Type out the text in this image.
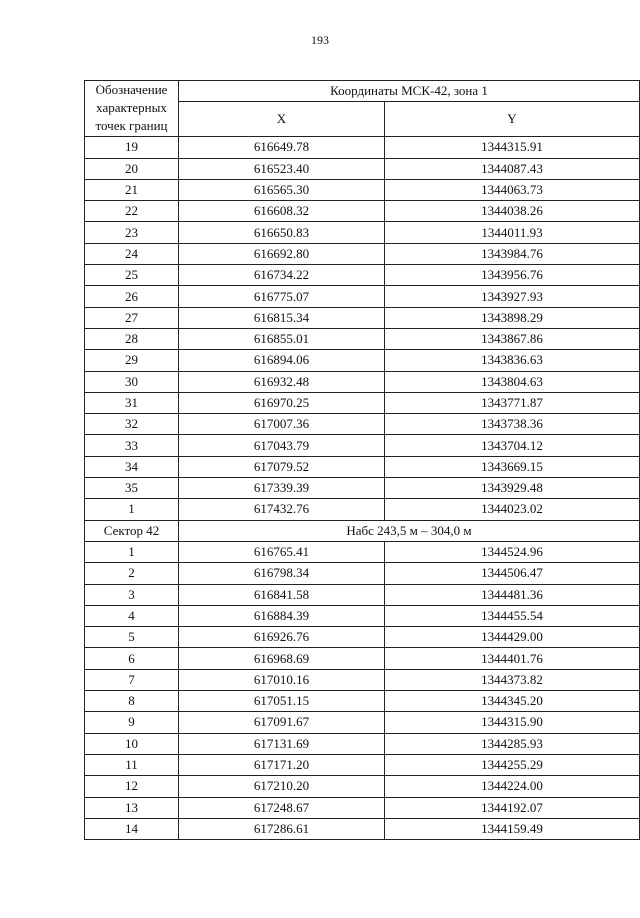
193
Обозначение
характерных
точек границ	Координаты МСК-42, зона 1	
	X	Y
19	616649.78	1344315.91
20	616523.40	1344087.43
21	616565.30	1344063.73
22	616608.32	1344038.26
23	616650.83	1344011.93
24	616692.80	1343984.76
25	616734.22	1343956.76
26	616775.07	1343927.93
27	616815.34	1343898.29
28	616855.01	1343867.86
29	616894.06	1343836.63
30	616932.48	1343804.63
31	616970.25	1343771.87
32	617007.36	1343738.36
33	617043.79	1343704.12
34	617079.52	1343669.15
35	617339.39	1343929.48
1	617432.76	1344023.02
Сектор 42	Набс 243,5 м – 304,0 м	
1	616765.41	1344524.96
2	616798.34	1344506.47
3	616841.58	1344481.36
4	616884.39	1344455.54
5	616926.76	1344429.00
6	616968.69	1344401.76
7	617010.16	1344373.82
8	617051.15	1344345.20
9	617091.67	1344315.90
10	617131.69	1344285.93
11	617171.20	1344255.29
12	617210.20	1344224.00
13	617248.67	1344192.07
14	617286.61	1344159.49
